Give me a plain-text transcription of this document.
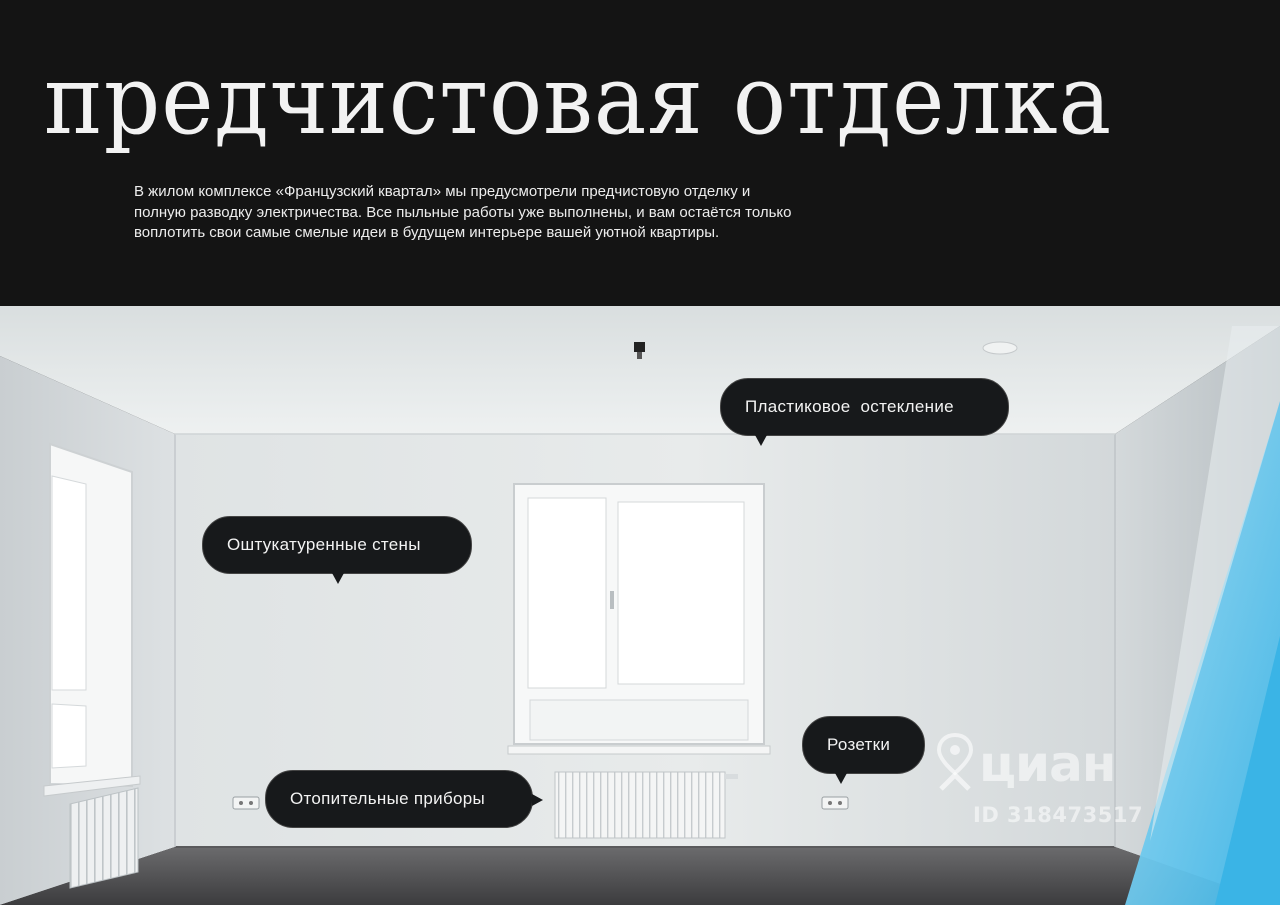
предчистовая отделка

В жилом комплексе «Французский квартал» мы предусмотрели предчистовую отделку и полную разводку электричества. Все пыльные работы уже выполнены, и вам остаётся только воплотить свои самые смелые идеи в будущем интерьере вашей уютной квартиры.

Пластиковое  остекление
Оштукатуренные стены
Розетки
Отопительные приборы
циан
ID 318473517
